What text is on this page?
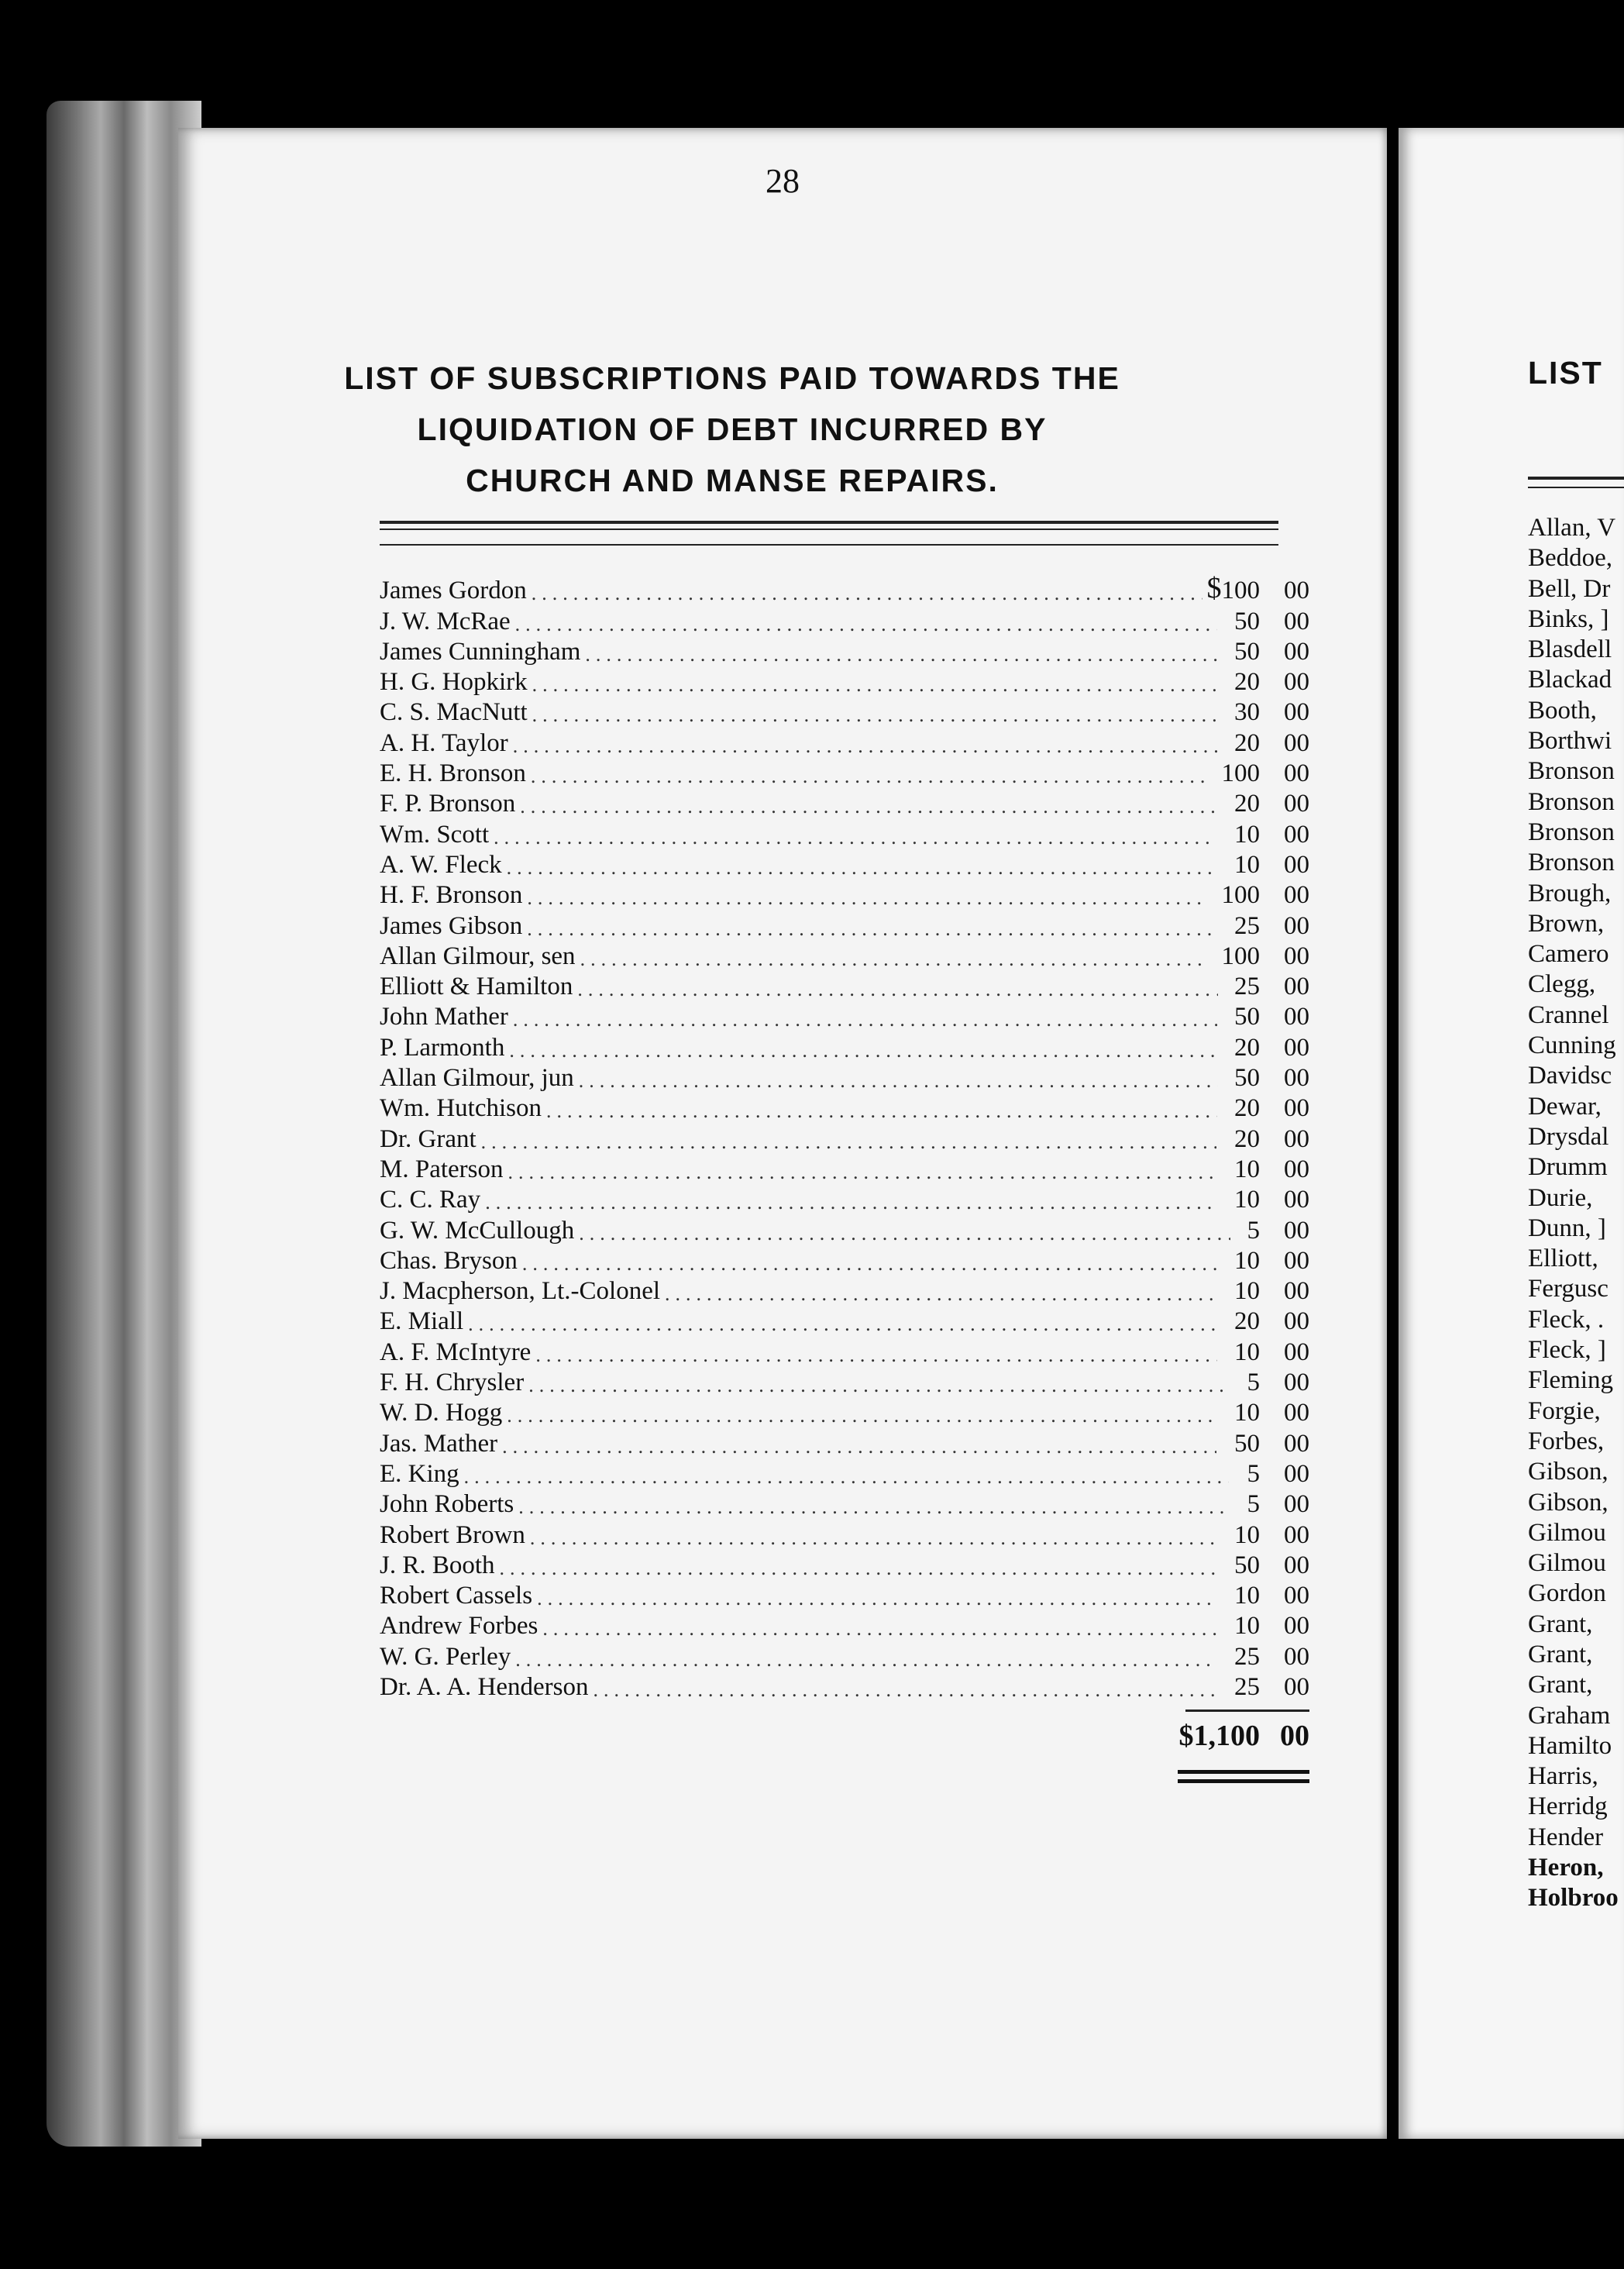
28
LIST OF SUBSCRIPTIONS PAID TOWARDS THE
LIQUIDATION OF DEBT INCURRED BY
CHURCH AND MANSE REPAIRS.
James Gordon .....	$ 100 00
J. W. McRae .....	50 00
James Cunningham .....	50 00
H. G. Hopkirk .....	20 00
C. S. MacNutt .....	30 00
A. H. Taylor .....	20 00
E. H. Bronson .....	100 00
F. P. Bronson .....	20 00
Wm. Scott .....	10 00
A. W. Fleck .....	10 00
H. F. Bronson .....	100 00
James Gibson .....	25 00
Allan Gilmour, sen .....	100 00
Elliott & Hamilton .....	25 00
John Mather .....	50 00
P. Larmonth .....	20 00
Allan Gilmour, jun .....	50 00
Wm. Hutchison .....	20 00
Dr. Grant .....	20 00
M. Paterson .....	10 00
C. C. Ray .....	10 00
G. W. McCullough .....	5 00
Chas. Bryson .....	10 00
J. Macpherson, Lt.-Colonel .....	10 00
E. Miall .....	20 00
A. F. McIntyre .....	10 00
F. H. Chrysler .....	5 00
W. D. Hogg .....	10 00
Jas. Mather .....	50 00
E. King .....	5 00
John Roberts .....	5 00
Robert Brown .....	10 00
J. R. Booth .....	50 00
Robert Cassels .....	10 00
Andrew Forbes .....	10 00
W. G. Perley .....	25 00
Dr. A. A. Henderson .....	25 00
$1,100 00
LIST
Allan, V
Beddoe,
Bell, Dr
Binks, ]
Blasdell
Blackad
Booth,
Borthwi
Bronson
Bronson
Bronson
Bronson
Brough,
Brown,
Camero
Clegg,
Crannel
Cunning
Davidsc
Dewar,
Drysdal
Drumm
Durie,
Dunn, ]
Elliott,
Fergusc
Fleck, .
Fleck, ]
Fleming
Forgie,
Forbes,
Gibson,
Gibson,
Gilmou
Gilmou
Gordon
Grant,
Grant,
Grant,
Graham
Hamilto
Harris,
Herridg
Hender
Heron,
Holbroo
